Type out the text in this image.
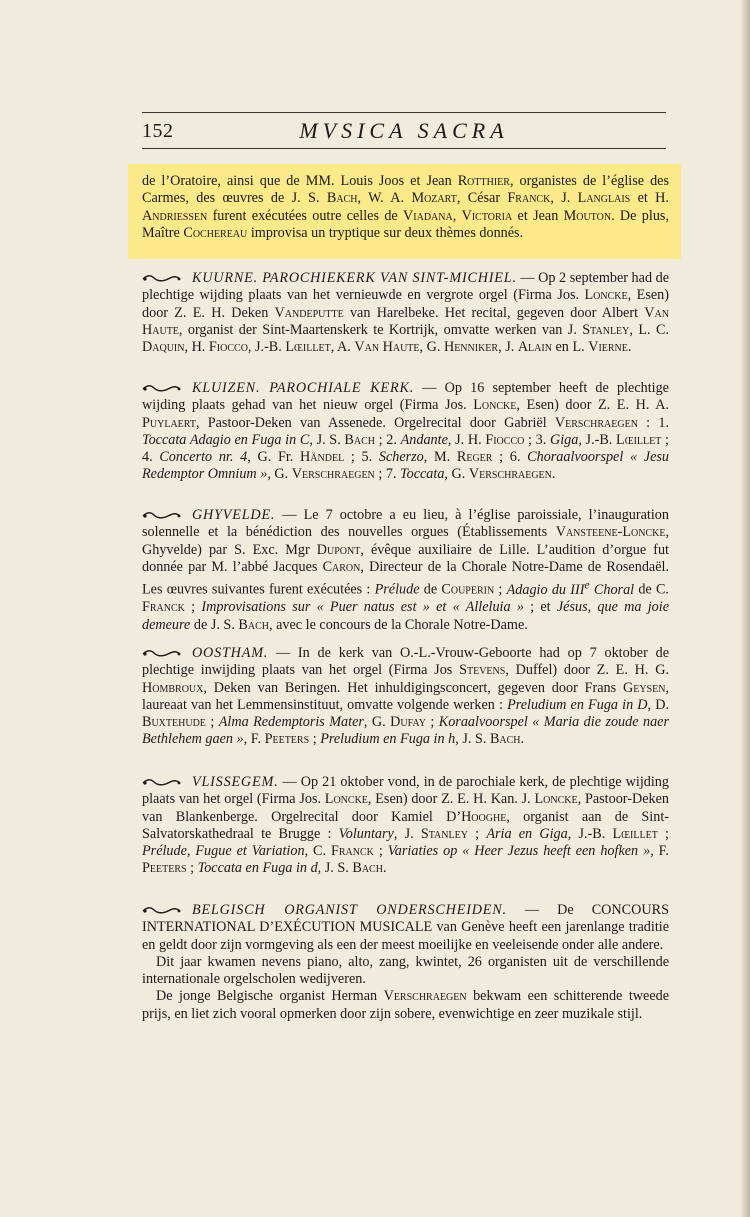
152	MVSICA SACRA

de l’Oratoire, ainsi que de MM. Louis Joos et Jean Rotthier, organistes de l’église des Carmes, des œuvres de J. S. Bach, W. A. Mozart, César Franck, J. Langlais et H. Andriessen furent exécutées outre celles de Viadana, Victoria et Jean Mouton. De plus, Maître Cochereau improvisa un tryptique sur deux thèmes donnés.

KUURNE. PAROCHIEKERK VAN SINT-MICHIEL. — Op 2 september had de plechtige wijding plaats van het vernieuwde en vergrote orgel (Firma Jos. Loncke, Esen) door Z. E. H. Deken Vandeputte van Harelbeke. Het recital, gegeven door Albert Van Haute, organist der Sint-Maartenskerk te Kortrijk, omvatte werken van J. Stanley, L. C. Daquin, H. Fiocco, J.-B. Lœillet, A. Van Haute, G. Henniker, J. Alain en L. Vierne.

KLUIZEN. PAROCHIALE KERK. — Op 16 september heeft de plechtige wijding plaats gehad van het nieuw orgel (Firma Jos. Loncke, Esen) door Z. E. H. A. Puylaert, Pastoor-Deken van Assenede. Orgelrecital door Gabriël Verschraegen : 1. Toccata Adagio en Fuga in C, J. S. Bach ; 2. Andante, J. H. Fiocco ; 3. Giga, J.-B. Lœillet ; 4. Concerto nr. 4, G. Fr. Händel ; 5. Scherzo, M. Reger ; 6. Choraalvoorspel « Jesu Redemptor Omnium », G. Verschraegen ; 7. Toccata, G. Verschraegen.

GHYVELDE. — Le 7 octobre a eu lieu, à l’église paroissiale, l’inauguration solennelle et la bénédiction des nouvelles orgues (Établissements Vansteene-Loncke, Ghyvelde) par S. Exc. Mgr Dupont, évêque auxiliaire de Lille. L’audition d’orgue fut donnée par M. l’abbé Jacques Caron, Directeur de la Chorale Notre-Dame de Rosendaël. Les œuvres suivantes furent exécutées : Prélude de Couperin ; Adagio du IIIe Choral de C. Franck ; Improvisations sur « Puer natus est » et « Alleluia » ; et Jésus, que ma joie demeure de J. S. Bach, avec le concours de la Chorale Notre-Dame.

OOSTHAM. — In de kerk van O.-L.-Vrouw-Geboorte had op 7 oktober de plechtige inwijding plaats van het orgel (Firma Jos Stevens, Duffel) door Z. E. H. G. Hombroux, Deken van Beringen. Het inhuldigingsconcert, gegeven door Frans Geysen, laureaat van het Lemmensinstituut, omvatte volgende werken : Preludium en Fuga in D, D. Buxtehude ; Alma Redemptoris Mater, G. Dufay ; Koraalvoorspel « Maria die zoude naer Bethlehem gaen », F. Peeters ; Preludium en Fuga in h, J. S. Bach.

VLISSEGEM. — Op 21 oktober vond, in de parochiale kerk, de plechtige wijding plaats van het orgel (Firma Jos. Loncke, Esen) door Z. E. H. Kan. J. Loncke, Pastoor-Deken van Blankenberge. Orgelrecital door Kamiel D’Hooghe, organist aan de Sint-Salvatorskathedraal te Brugge : Voluntary, J. Stanley ; Aria en Giga, J.-B. Lœillet ; Prélude, Fugue et Variation, C. Franck ; Variaties op « Heer Jezus heeft een hofken », F. Peeters ; Toccata en Fuga in d, J. S. Bach.

BELGISCH ORGANIST ONDERSCHEIDEN. — De CONCOURS INTERNATIONAL D’EXÉCUTION MUSICALE van Genève heeft een jarenlange traditie en geldt door zijn vormgeving als een der meest moeilijke en veeleisende onder alle andere.

Dit jaar kwamen nevens piano, alto, zang, kwintet, 26 organisten uit de verschillende internationale orgelscholen wedijveren.

De jonge Belgische organist Herman Verschraegen bekwam een schitterende tweede prijs, en liet zich vooral opmerken door zijn sobere, evenwichtige en zeer muzikale stijl.
